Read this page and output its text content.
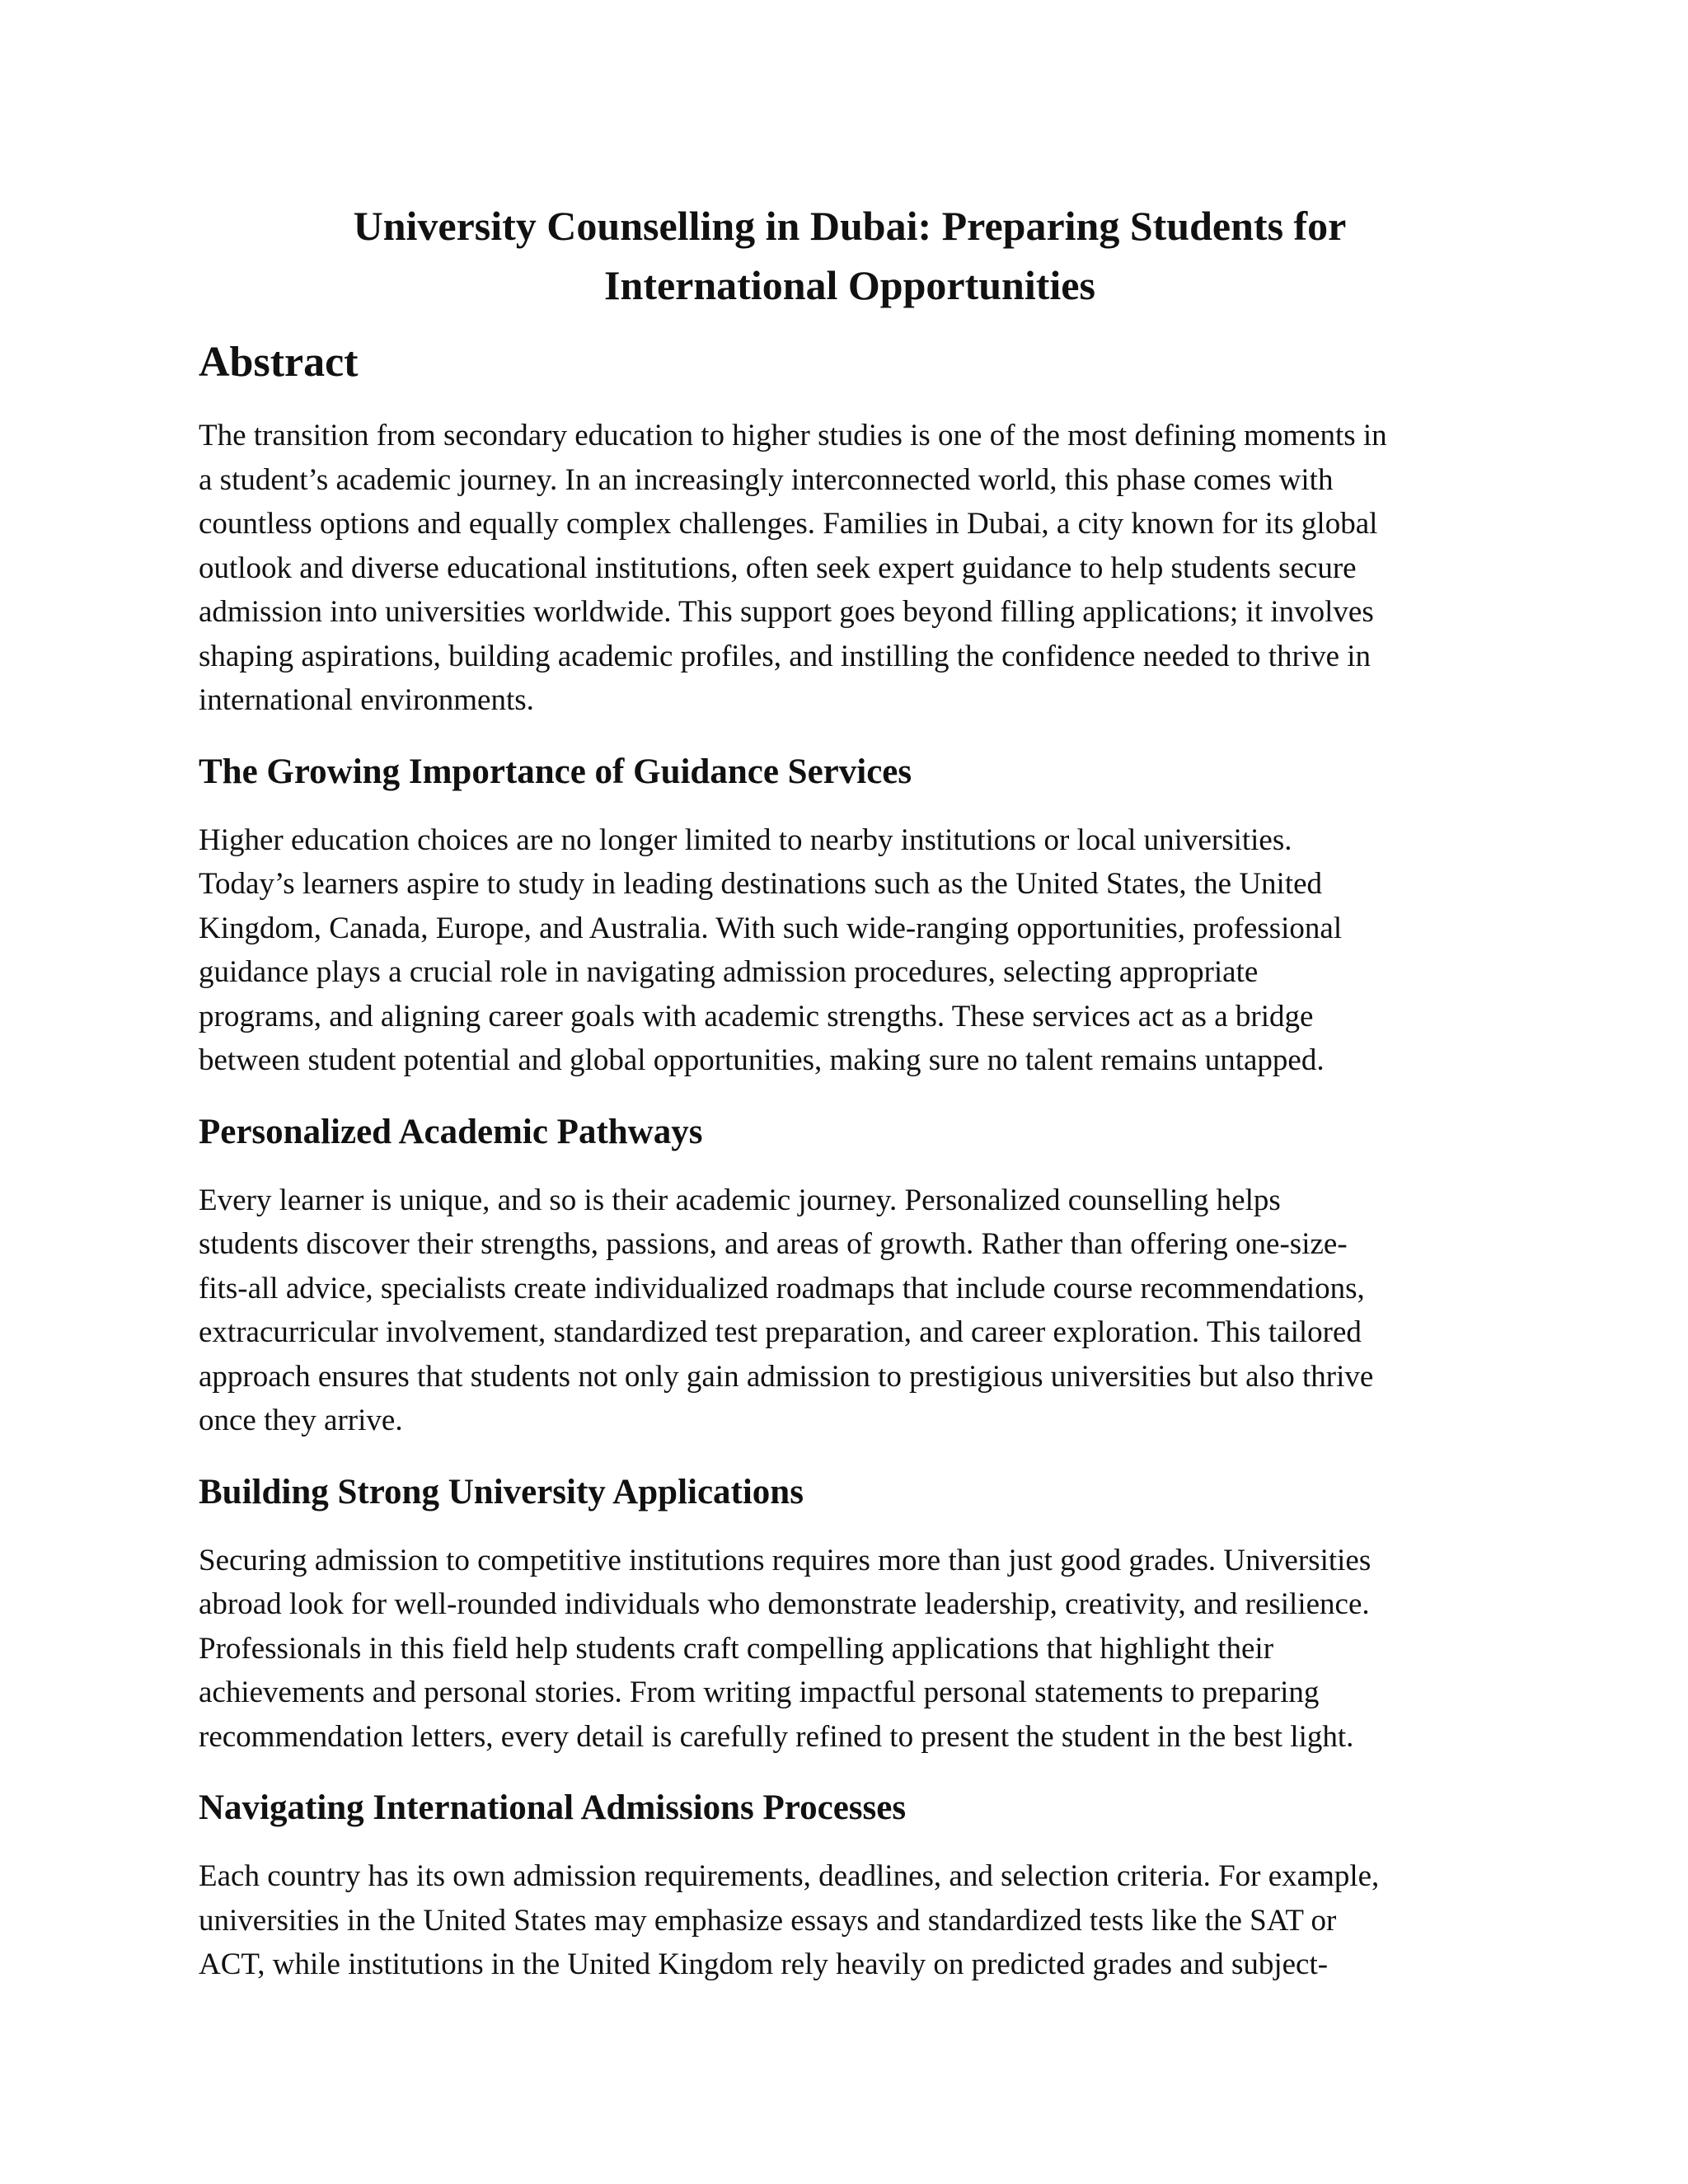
University Counselling in Dubai: Preparing Students for
International Opportunities
Abstract

The transition from secondary education to higher studies is one of the most defining moments in
a student’s academic journey. In an increasingly interconnected world, this phase comes with
countless options and equally complex challenges. Families in Dubai, a city known for its global
outlook and diverse educational institutions, often seek expert guidance to help students secure
admission into universities worldwide. This support goes beyond filling applications; it involves
shaping aspirations, building academic profiles, and instilling the confidence needed to thrive in
international environments.

The Growing Importance of Guidance Services

Higher education choices are no longer limited to nearby institutions or local universities.
Today’s learners aspire to study in leading destinations such as the United States, the United
Kingdom, Canada, Europe, and Australia. With such wide-ranging opportunities, professional
guidance plays a crucial role in navigating admission procedures, selecting appropriate
programs, and aligning career goals with academic strengths. These services act as a bridge
between student potential and global opportunities, making sure no talent remains untapped.

Personalized Academic Pathways

Every learner is unique, and so is their academic journey. Personalized counselling helps
students discover their strengths, passions, and areas of growth. Rather than offering one-size-
fits-all advice, specialists create individualized roadmaps that include course recommendations,
extracurricular involvement, standardized test preparation, and career exploration. This tailored
approach ensures that students not only gain admission to prestigious universities but also thrive
once they arrive.

Building Strong University Applications

Securing admission to competitive institutions requires more than just good grades. Universities
abroad look for well-rounded individuals who demonstrate leadership, creativity, and resilience.
Professionals in this field help students craft compelling applications that highlight their
achievements and personal stories. From writing impactful personal statements to preparing
recommendation letters, every detail is carefully refined to present the student in the best light.

Navigating International Admissions Processes

Each country has its own admission requirements, deadlines, and selection criteria. For example,
universities in the United States may emphasize essays and standardized tests like the SAT or
ACT, while institutions in the United Kingdom rely heavily on predicted grades and subject-
